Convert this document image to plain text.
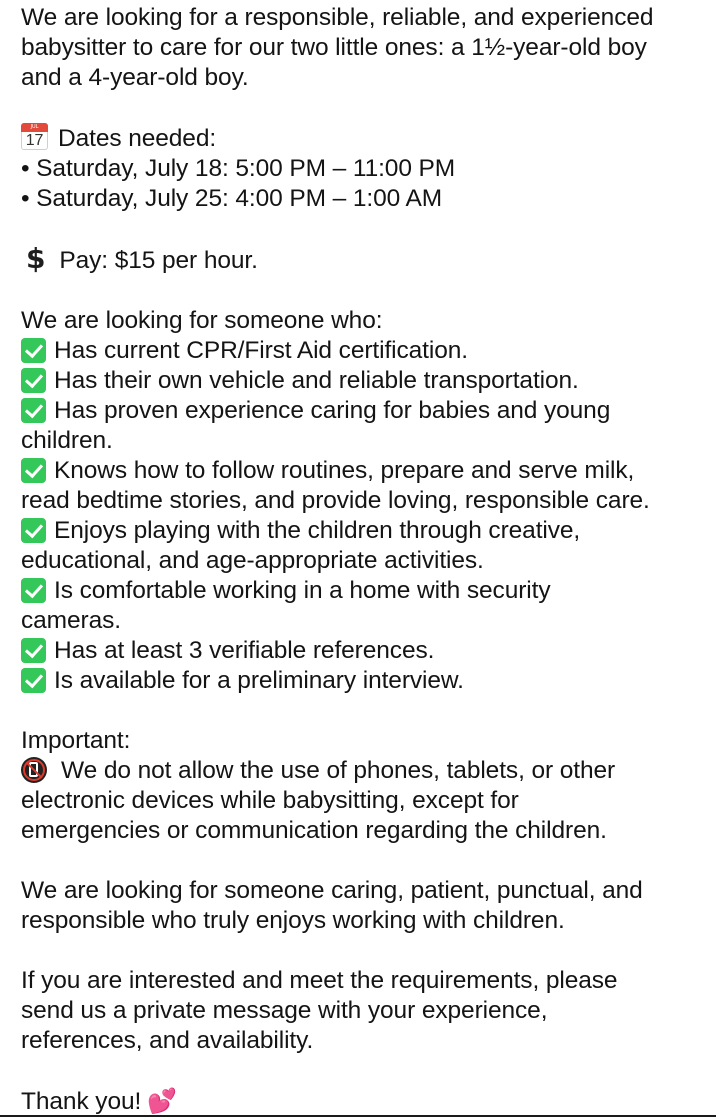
We are looking for a responsible, reliable, and experienced
babysitter to care for our two little ones: a 1½-year-old boy
and a 4-year-old boy.
JUL
17 Dates needed:
• Saturday, July 18: 5:00 PM – 11:00 PM
• Saturday, July 25: 4:00 PM – 1:00 AM
$ Pay: $15 per hour.
We are looking for someone who:
Has current CPR/First Aid certification.
Has their own vehicle and reliable transportation.
Has proven experience caring for babies and young
children.
Knows how to follow routines, prepare and serve milk,
read bedtime stories, and provide loving, responsible care.
Enjoys playing with the children through creative,
educational, and age-appropriate activities.
Is comfortable working in a home with security
cameras.
Has at least 3 verifiable references.
Is available for a preliminary interview.
Important:
We do not allow the use of phones, tablets, or other
electronic devices while babysitting, except for
emergencies or communication regarding the children.
We are looking for someone caring, patient, punctual, and
responsible who truly enjoys working with children.
If you are interested and meet the requirements, please
send us a private message with your experience,
references, and availability.
Thank you! 💕
